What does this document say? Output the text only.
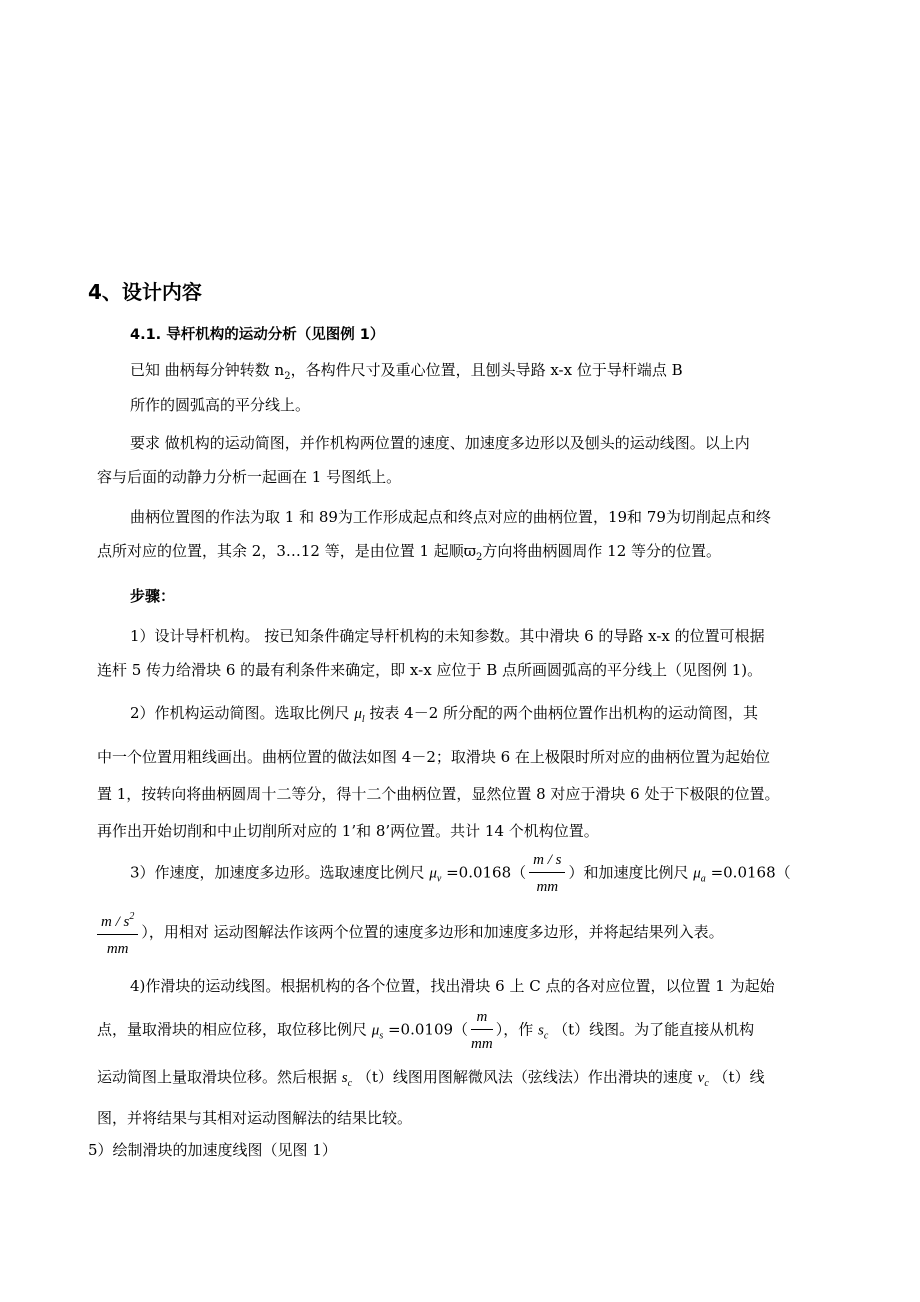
4、设计内容
4.1. 导杆机构的运动分析（见图例 1）
已知 曲柄每分钟转数 $n_2$，各构件尺寸及重心位置，且刨头导路 x-x 位于导杆端点 B
所作的圆弧高的平分线上。
要求 做机构的运动简图，并作机构两位置的速度、加速度多边形以及刨头的运动线图。以上内
容与后面的动静力分析一起画在 1 号图纸上。
曲柄位置图的作法为取 1 和 89为工作形成起点和终点对应的曲柄位置，19和 79为切削起点和终
点所对应的位置，其余 2，3…12 等，是由位置 1 起顺$ϖ_2$方向将曲柄圆周作 12 等分的位置。
步骤：
1）设计导杆机构。 按已知条件确定导杆机构的未知参数。其中滑块 6 的导路 x-x 的位置可根据
连杆 5 传力给滑块 6 的最有利条件来确定，即 x-x 应位于 B 点所画圆弧高的平分线上（见图例 1)。
2）作机构运动简图。选取比例尺 $\mu_l$ 按表 4－2 所分配的两个曲柄位置作出机构的运动简图，其
中一个位置用粗线画出。曲柄位置的做法如图 4－2；取滑块 6 在上极限时所对应的曲柄位置为起始位
置 1，按转向将曲柄圆周十二等分，得十二个曲柄位置，显然位置 8 对应于滑块 6 处于下极限的位置。
再作出开始切削和中止切削所对应的 1’和 8’两位置。共计 14 个机构位置。
3）作速度，加速度多边形。选取速度比例尺 $\mu_v =0.0168( \frac{m / s}{mm}$ ）和加速度比例尺 $\mu_a =0.0168$（
$\frac{m / s^2}{mm}$ ），用相对 运动图解法作该两个位置的速度多边形和加速度多边形，并将起结果列入表。
4)作滑块的运动线图。根据机构的各个位置，找出滑块 6 上 C 点的各对应位置，以位置 1 为起始
点，量取滑块的相应位移，取位移比例尺 $\mu_s =0.0109( \frac{m}{mm}$ ），作 $s_c$ （t）线图。为了能直接从机构
运动简图上量取滑块位移。然后根据 $s_c$ （t）线图用图解微风法（弦线法）作出滑块的速度 $v_c$ （t）线
图，并将结果与其相对运动图解法的结果比较。
5）绘制滑块的加速度线图（见图 1）
